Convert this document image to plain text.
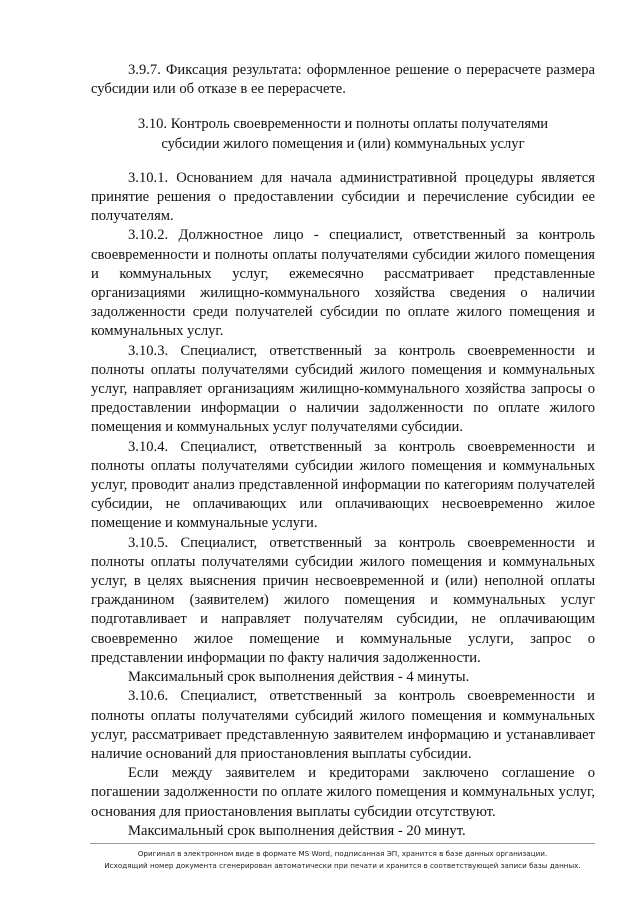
3.9.7. Фиксация результата: оформленное решение о перерасчете размера субсидии или об отказе в ее перерасчете.

3.10. Контроль своевременности и полноты оплаты получателями субсидии жилого помещения и (или) коммунальных услуг

3.10.1. Основанием для начала административной процедуры является принятие решения о предоставлении субсидии и перечисление субсидии ее получателям.

3.10.2. Должностное лицо - специалист, ответственный за контроль своевременности и полноты оплаты получателями субсидии жилого помещения и коммунальных услуг, ежемесячно рассматривает представленные организациями жилищно-коммунального хозяйства сведения о наличии задолженности среди получателей субсидии по оплате жилого помещения и коммунальных услуг.

3.10.3. Специалист, ответственный за контроль своевременности и полноты оплаты получателями субсидий жилого помещения и коммунальных услуг, направляет организациям жилищно-коммунального хозяйства запросы о предоставлении информации о наличии задолженности по оплате жилого помещения и коммунальных услуг получателями субсидии.

3.10.4. Специалист, ответственный за контроль своевременности и полноты оплаты получателями субсидии жилого помещения и коммунальных услуг, проводит анализ представленной информации по категориям получателей субсидии, не оплачивающих или оплачивающих несвоевременно жилое помещение и коммунальные услуги.

3.10.5. Специалист, ответственный за контроль своевременности и полноты оплаты получателями субсидии жилого помещения и коммунальных услуг, в целях выяснения причин несвоевременной и (или) неполной оплаты гражданином (заявителем) жилого помещения и коммунальных услуг подготавливает и направляет получателям субсидии, не оплачивающим своевременно жилое помещение и коммунальные услуги, запрос о представлении информации по факту наличия задолженности.

Максимальный срок выполнения действия - 4 минуты.

3.10.6. Специалист, ответственный за контроль своевременности и полноты оплаты получателями субсидий жилого помещения и коммунальных услуг, рассматривает представленную заявителем информацию и устанавливает наличие оснований для приостановления выплаты субсидии.

Если между заявителем и кредиторами заключено соглашение о погашении задолженности по оплате жилого помещения и коммунальных услуг, основания для приостановления выплаты субсидии отсутствуют.

Максимальный срок выполнения действия - 20 минут.

Оригинал в электронном виде в формате MS Word, подписанная ЭП, хранится в базе данных организации.
Исходящий номер документа сгенерирован автоматически при печати и хранится в соответствующей записи базы данных.
